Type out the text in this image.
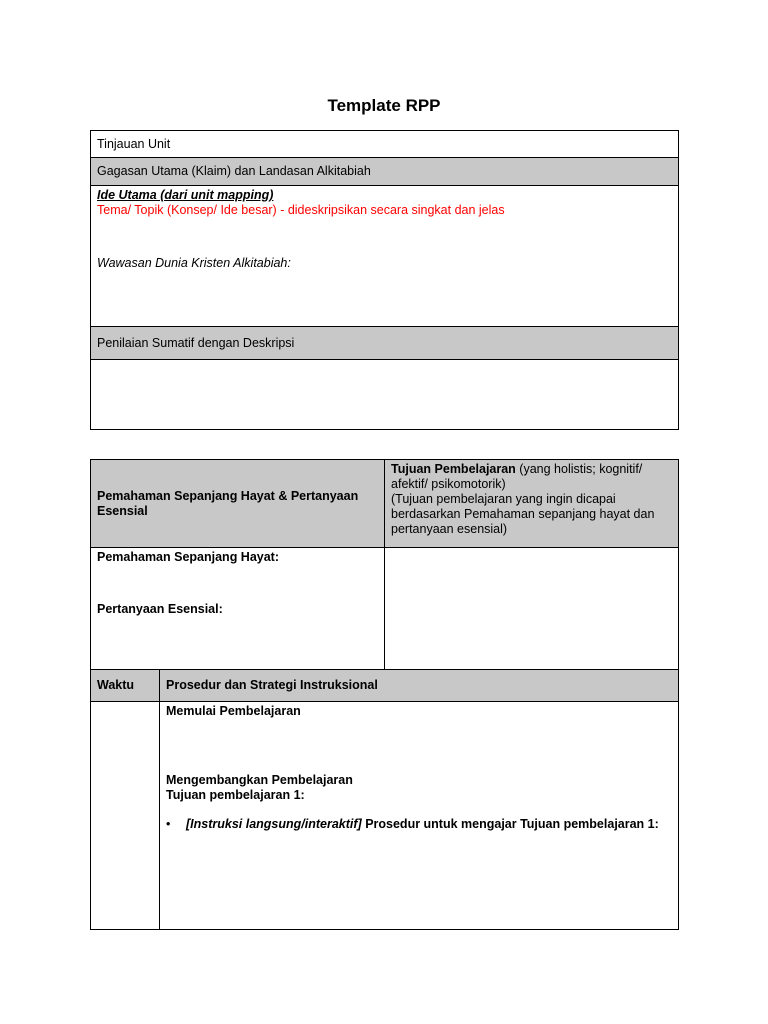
Template RPP
Tinjauan Unit
Gagasan Utama (Klaim) dan Landasan Alkitabiah

Ide Utama (dari unit mapping)
Tema/ Topik (Konsep/ Ide besar) - dideskripsikan secara singkat dan jelas
Wawasan Dunia Kristen Alkitabiah:

Penilaian Sumatif dengan Deskripsi

Pemahaman Sepanjang Hayat & Pertanyaan Esensial		Tujuan Pembelajaran (yang holistis; kognitif/ afektif/ psikomotorik)
(Tujuan pembelajaran yang ingin dicapai berdasarkan Pemahaman sepanjang hayat dan pertanyaan esensial)

Pemahaman Sepanjang Hayat:
Pertanyaan Esensial:		

Waktu	Prosedur dan Strategi Instruksional	

	Memulai Pembelajaran
Mengembangkan Pembelajaran
Tujuan pembelajaran 1:
• [Instruksi langsung/interaktif] Prosedur untuk mengajar Tujuan pembelajaran 1:	
